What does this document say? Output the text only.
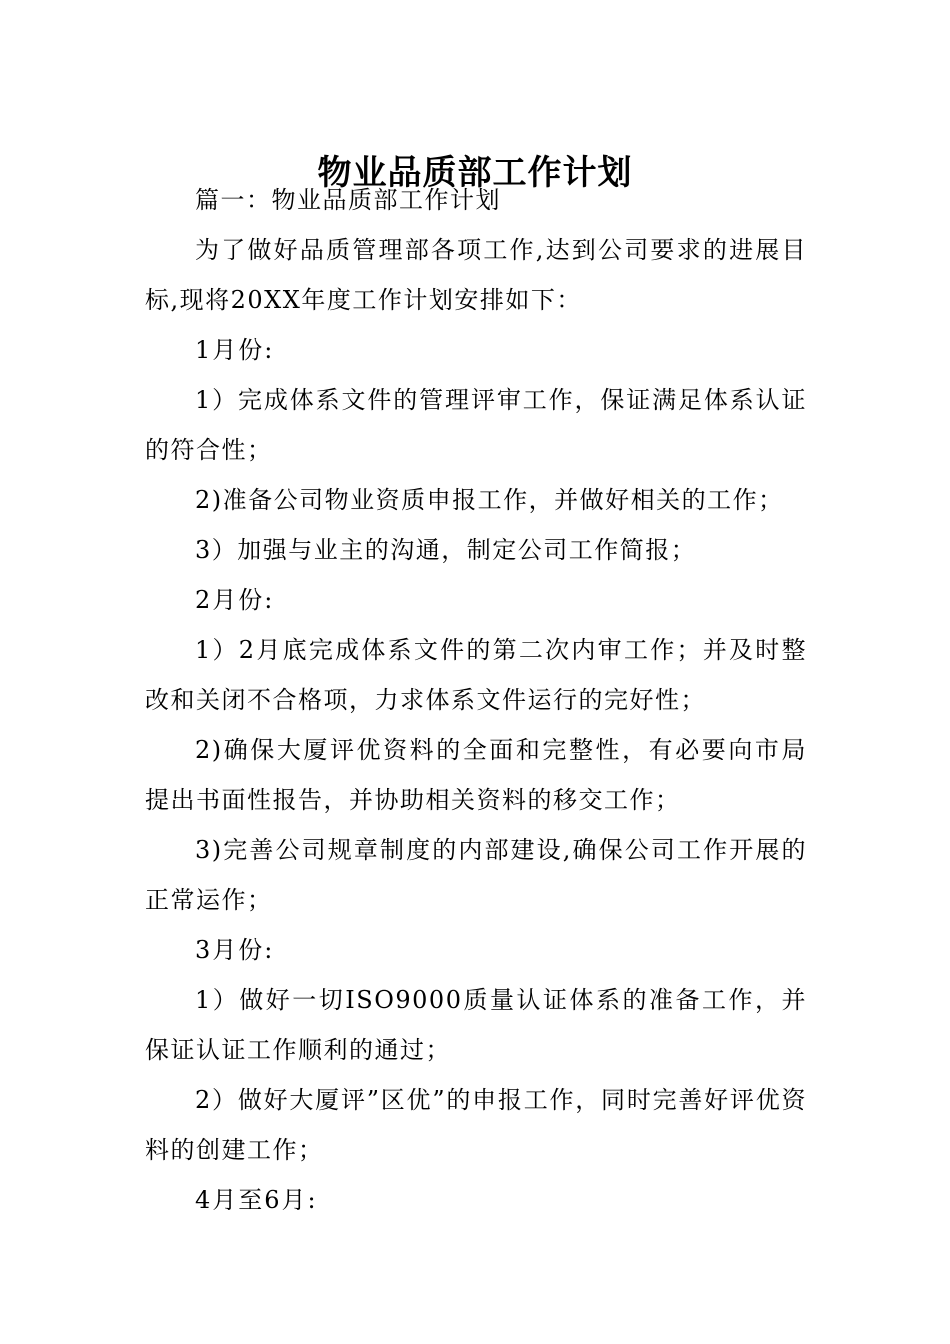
物业品质部工作计划

篇一：物业品质部工作计划

为了做好品质管理部各项工作,达到公司要求的进展目标,现将20XX年度工作计划安排如下：

1月份:

1）完成体系文件的管理评审工作，保证满足体系认证的符合性；

2)准备公司物业资质申报工作，并做好相关的工作；

3）加强与业主的沟通，制定公司工作简报；

2月份:

1）2月底完成体系文件的第二次内审工作；并及时整改和关闭不合格项，力求体系文件运行的完好性；

2)确保大厦评优资料的全面和完整性，有必要向市局提出书面性报告，并协助相关资料的移交工作；

3)完善公司规章制度的内部建设,确保公司工作开展的正常运作；

3月份:

1）做好一切ISO9000质量认证体系的准备工作，并保证认证工作顺利的通过；

2）做好大厦评”区优”的申报工作，同时完善好评优资料的创建工作；

4月至6月:
